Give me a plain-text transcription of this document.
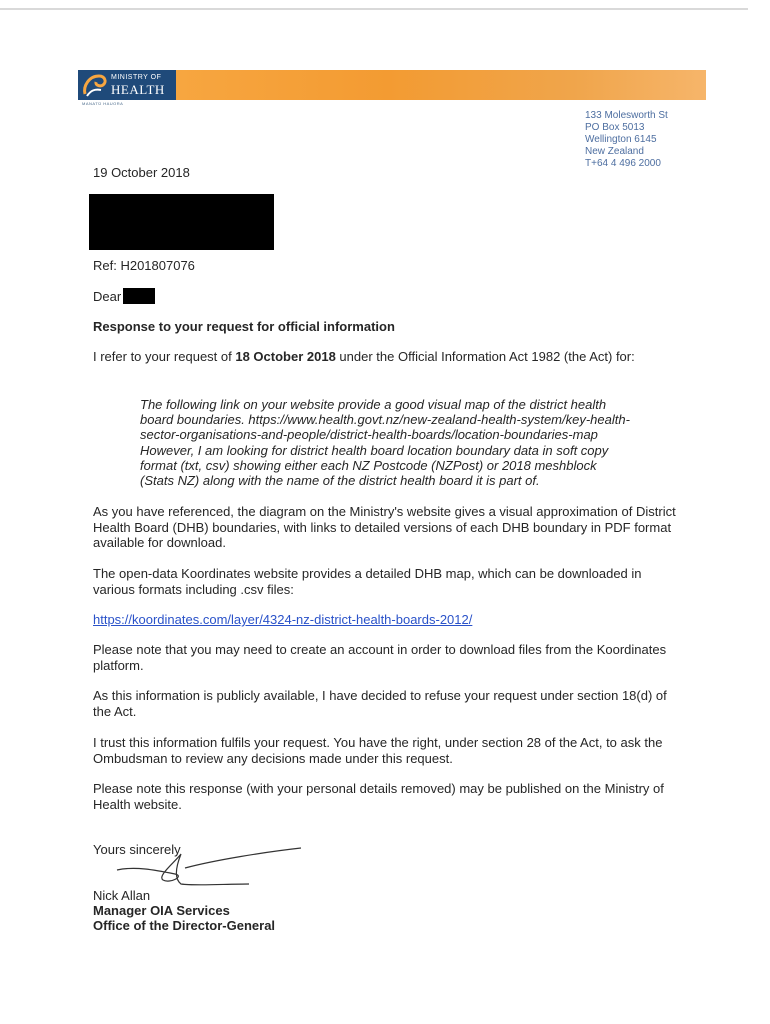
MINISTRY OF
HEALTH
MANATŪ HAUORA
133 Molesworth St
PO Box 5013
Wellington 6145
New Zealand
T+64 4 496 2000
19 October 2018
Ref: H201807076
Dear
Response to your request for official information
I refer to your request of 18 October 2018 under the Official Information Act 1982 (the Act) for:
The following link on your website provide a good visual map of the district health
board boundaries. https://www.health.govt.nz/new-zealand-health-system/key-health-
sector-organisations-and-people/district-health-boards/location-boundaries-map
However, I am looking for district health board location boundary data in soft copy
format (txt, csv) showing either each NZ Postcode (NZPost) or 2018 meshblock
(Stats NZ) along with the name of the district health board it is part of.
As you have referenced, the diagram on the Ministry's website gives a visual approximation of District Health Board (DHB) boundaries, with links to detailed versions of each DHB boundary in PDF format available for download.
The open-data Koordinates website provides a detailed DHB map, which can be downloaded in various formats including .csv files:
https://koordinates.com/layer/4324-nz-district-health-boards-2012/
Please note that you may need to create an account in order to download files from the Koordinates platform.
As this information is publicly available, I have decided to refuse your request under section 18(d) of the Act.
I trust this information fulfils your request. You have the right, under section 28 of the Act, to ask the Ombudsman to review any decisions made under this request.
Please note this response (with your personal details removed) may be published on the Ministry of Health website.
Yours sincerely
Nick Allan
Manager OIA Services
Office of the Director-General
